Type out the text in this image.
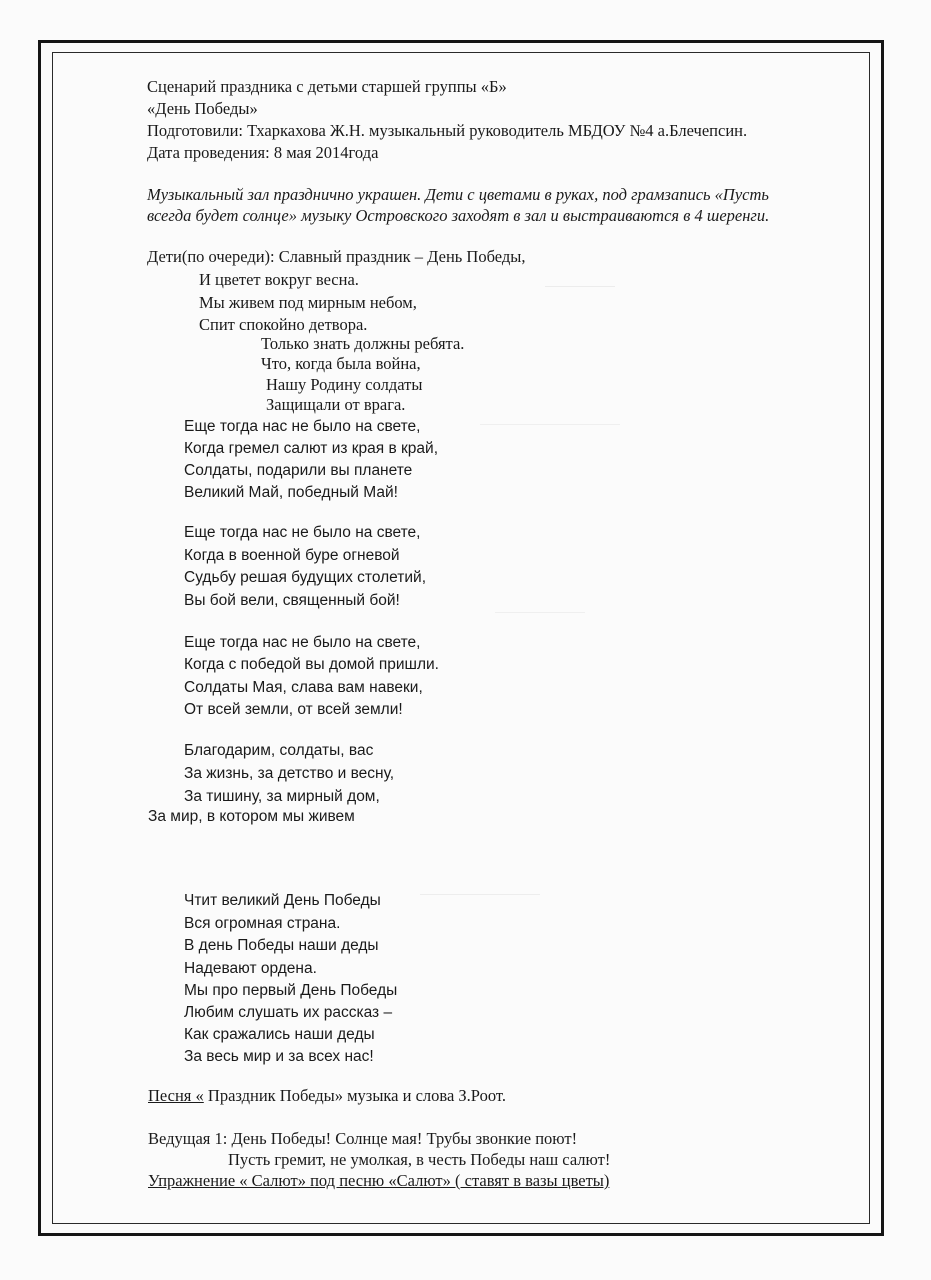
Сценарий праздника с детьми старшей группы «Б»
«День Победы»
Подготовили: Тхаркахова Ж.Н. музыкальный руководитель МБДОУ №4 а.Блечепсин.
Дата проведения: 8 мая 2014года
Музыкальный зал празднично украшен. Дети с цветами в руках, под грамзапись «Пусть
всегда будет солнце» музыку Островского заходят в зал и выстраиваются в 4 шеренги.
Дети(по очереди): Славный праздник – День Победы,
И цветет вокруг весна.
Мы живем под мирным небом,
Спит спокойно детвора.
Только знать должны ребята.
Что, когда была война,
Нашу Родину солдаты
Защищали от врага.
Еще тогда нас не было на свете,
Когда гремел салют из края в край,
Солдаты, подарили вы планете
Великий Май, победный Май!
Еще тогда нас не было на свете,
Когда в военной буре огневой
Судьбу решая будущих столетий,
Вы бой вели, священный бой!
Еще тогда нас не было на свете,
Когда с победой вы домой пришли.
Солдаты Мая, слава вам навеки,
От всей земли, от всей земли!
Благодарим, солдаты, вас
За жизнь, за детство и весну,
За тишину, за мирный дом,
За мир, в котором мы живем
Чтит великий День Победы
Вся огромная страна.
В день Победы наши деды
Надевают ордена.
Мы про первый День Победы
Любим слушать их рассказ –
Как сражались наши деды
За весь мир и за всех нас!
Песня « Праздник Победы» музыка и слова З.Роот.
Ведущая 1: День Победы! Солнце мая! Трубы звонкие поют!
Пусть гремит, не умолкая, в честь Победы наш салют!
Упражнение « Салют» под песню «Салют» ( ставят в вазы цветы)
